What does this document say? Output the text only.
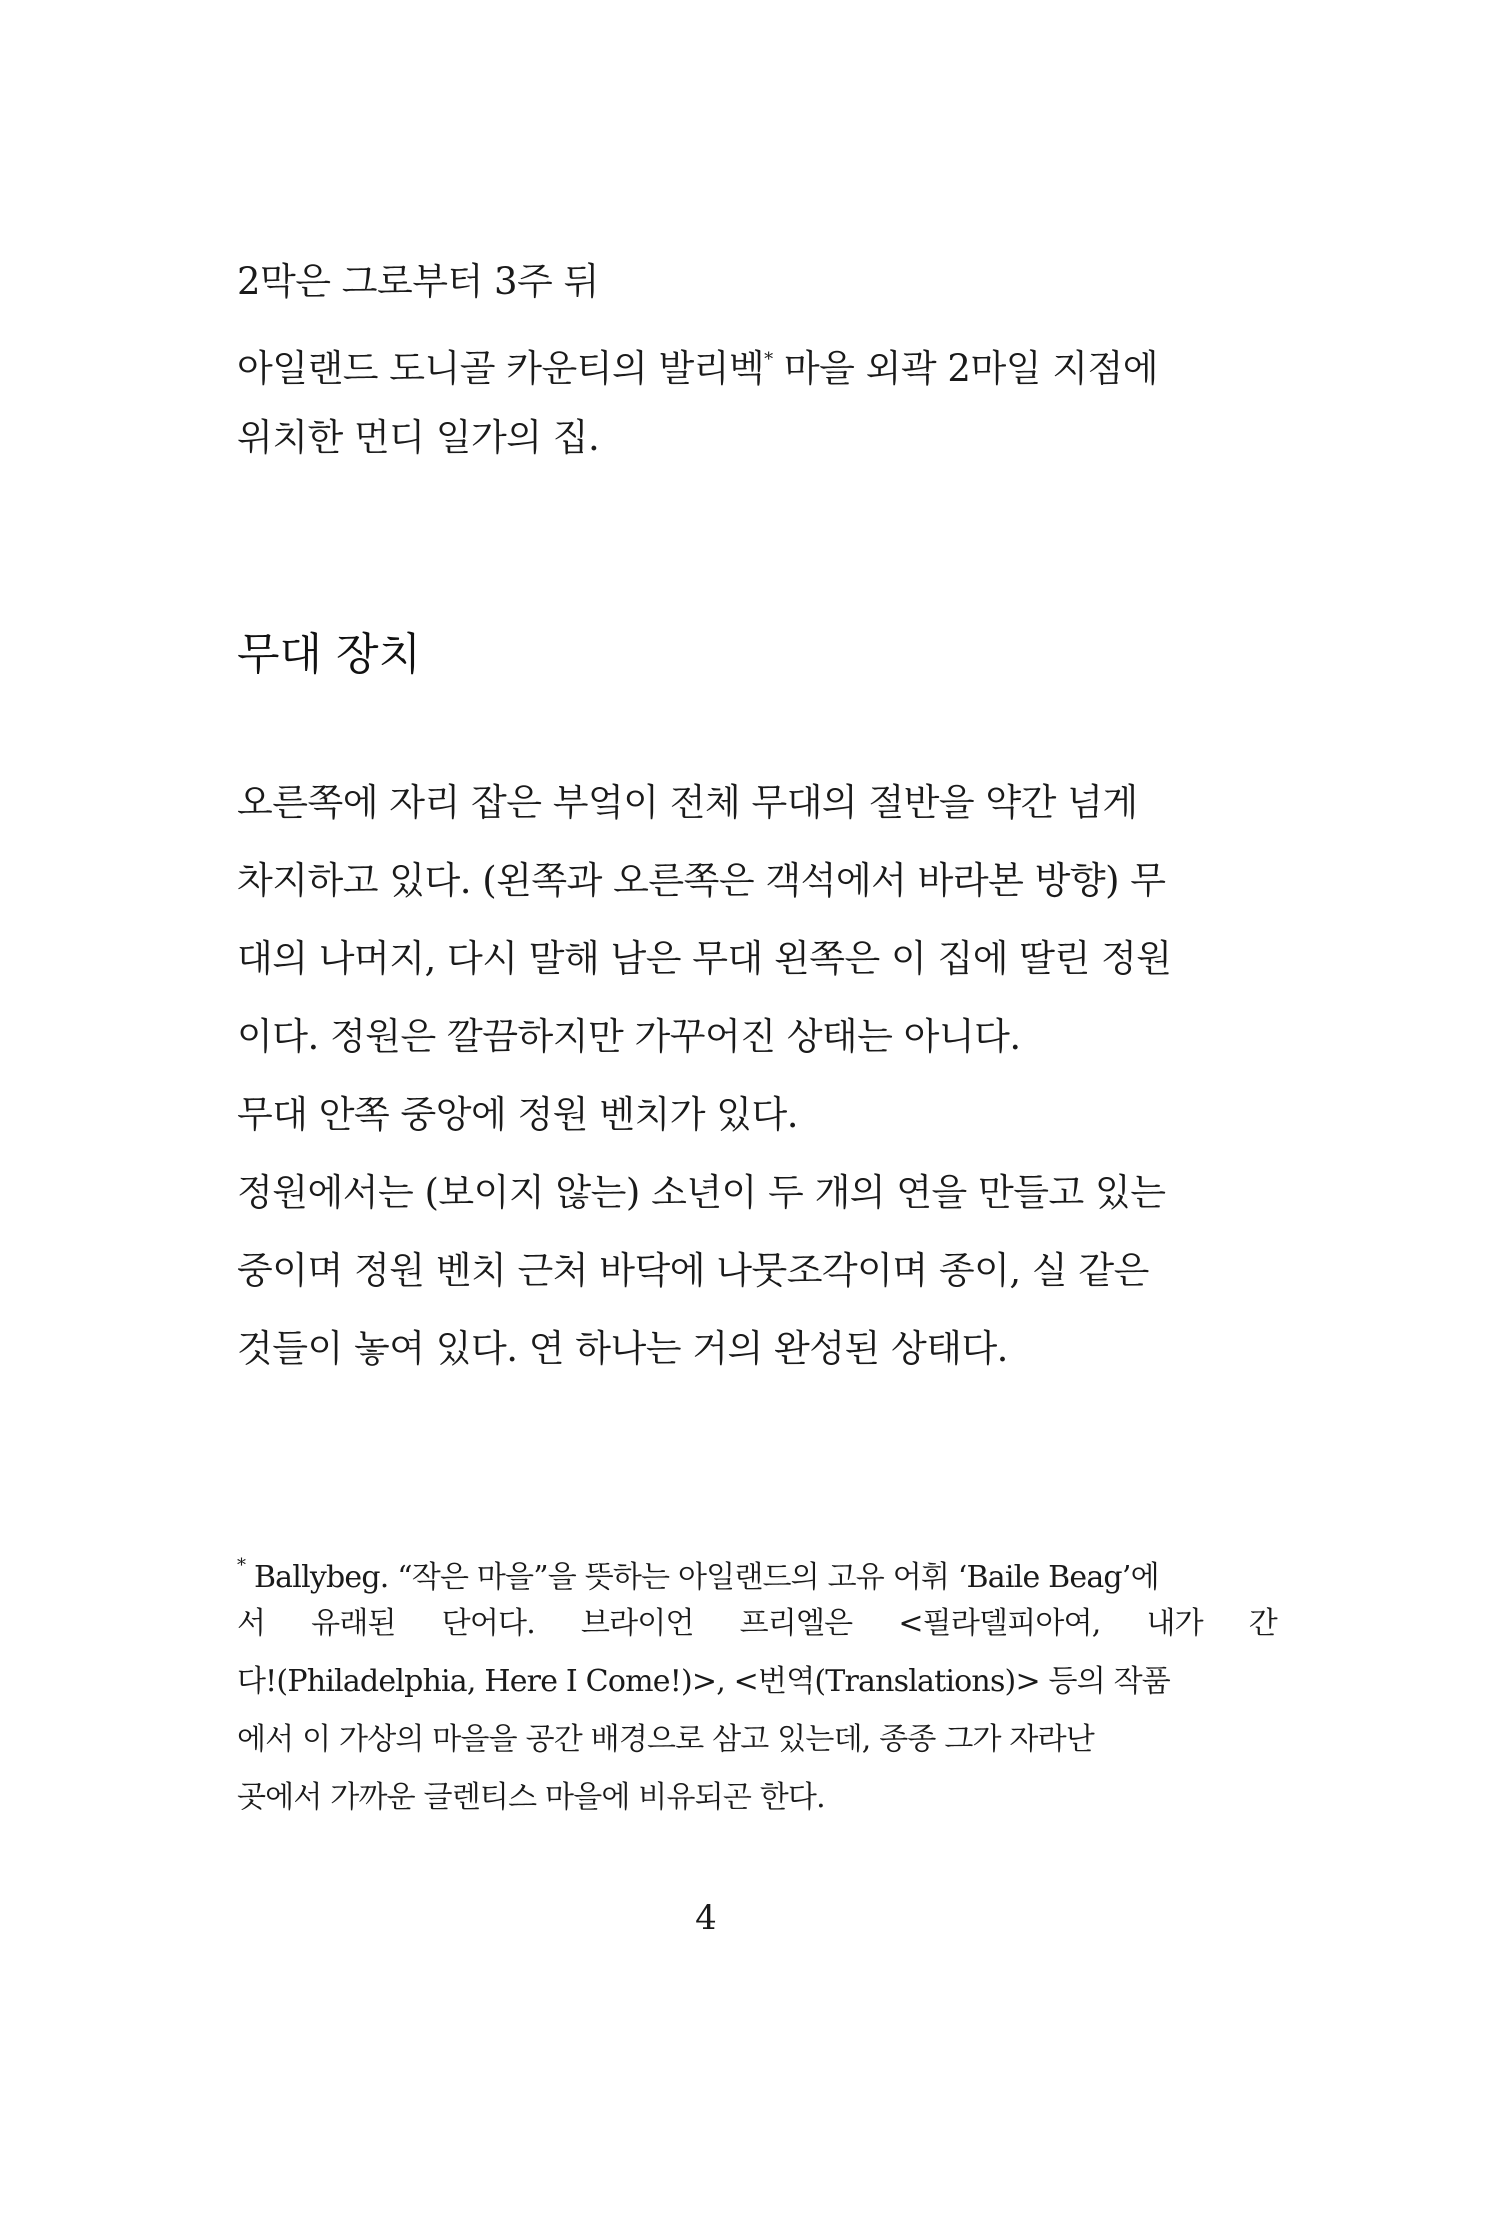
2막은 그로부터 3주 뒤
아일랜드 도니골 카운티의 발리벡* 마을 외곽 2마일 지점에
위치한 먼디 일가의 집.
무대 장치
오른쪽에 자리 잡은 부엌이 전체 무대의 절반을 약간 넘게
차지하고 있다. (왼쪽과 오른쪽은 객석에서 바라본 방향) 무
대의 나머지, 다시 말해 남은 무대 왼쪽은 이 집에 딸린 정원
이다. 정원은 깔끔하지만 가꾸어진 상태는 아니다.
무대 안쪽 중앙에 정원 벤치가 있다.
정원에서는 (보이지 않는) 소년이 두 개의 연을 만들고 있는
중이며 정원 벤치 근처 바닥에 나뭇조각이며 종이, 실 같은
것들이 놓여 있다. 연 하나는 거의 완성된 상태다.
* Ballybeg. “작은 마을”을 뜻하는 아일랜드의 고유 어휘 ‘Baile Beag’에
서 유래된 단어다. 브라이언 프리엘은 <필라델피아여, 내가 간
다!(Philadelphia, Here I Come!)>, <번역(Translations)> 등의 작품
에서 이 가상의 마을을 공간 배경으로 삼고 있는데, 종종 그가 자라난
곳에서 가까운 글렌티스 마을에 비유되곤 한다.
4
